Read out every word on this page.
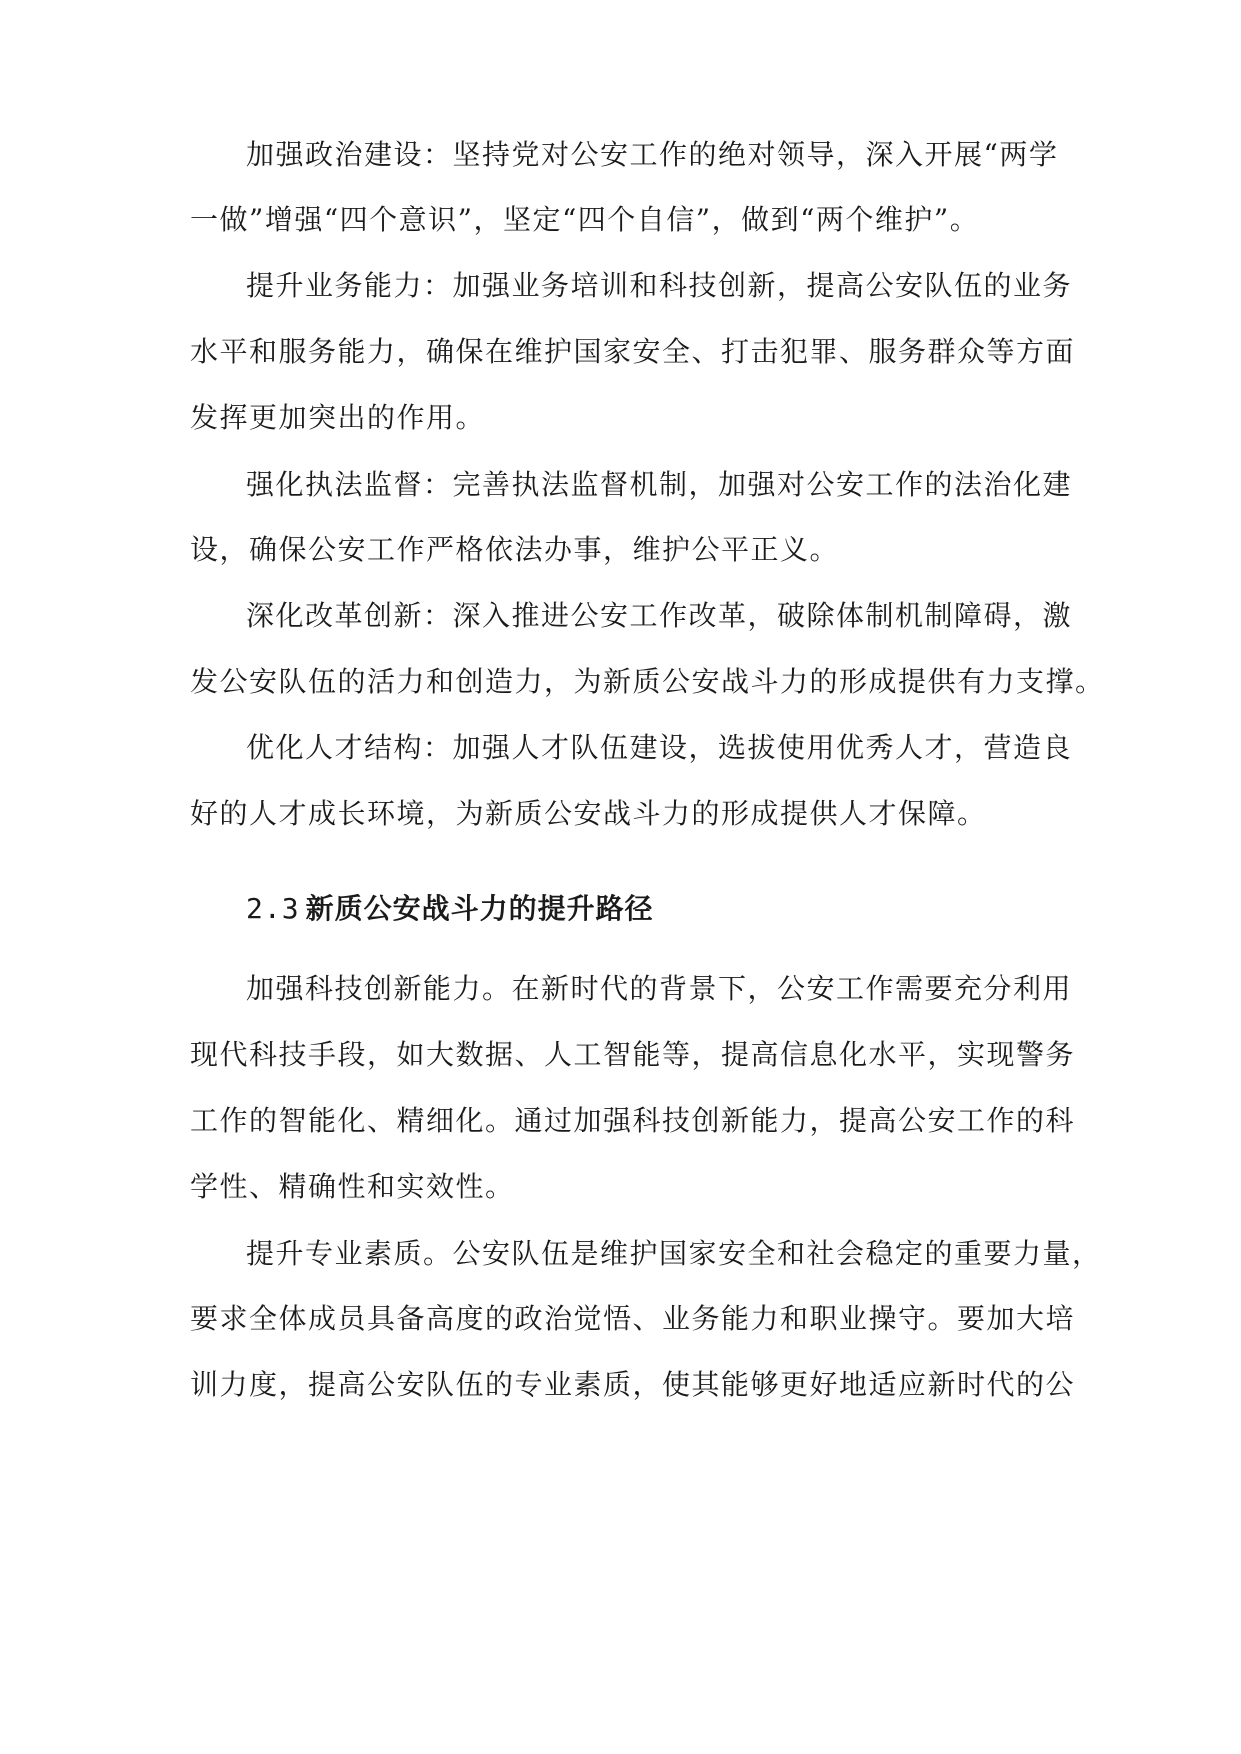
加强政治建设：坚持党对公安工作的绝对领导，深入开展“两学
一做”增强“四个意识”，坚定“四个自信”，做到“两个维护”。
提升业务能力：加强业务培训和科技创新，提高公安队伍的业务
水平和服务能力，确保在维护国家安全、打击犯罪、服务群众等方面
发挥更加突出的作用。
强化执法监督：完善执法监督机制，加强对公安工作的法治化建
设，确保公安工作严格依法办事，维护公平正义。
深化改革创新：深入推进公安工作改革，破除体制机制障碍，激
发公安队伍的活力和创造力，为新质公安战斗力的形成提供有力支撑。
优化人才结构：加强人才队伍建设，选拔使用优秀人才，营造良
好的人才成长环境，为新质公安战斗力的形成提供人才保障。
2.3 新质公安战斗力的提升路径
加强科技创新能力。在新时代的背景下，公安工作需要充分利用
现代科技手段，如大数据、人工智能等，提高信息化水平，实现警务
工作的智能化、精细化。通过加强科技创新能力，提高公安工作的科
学性、精确性和实效性。
提升专业素质。公安队伍是维护国家安全和社会稳定的重要力量，
要求全体成员具备高度的政治觉悟、业务能力和职业操守。要加大培
训力度，提高公安队伍的专业素质，使其能够更好地适应新时代的公
